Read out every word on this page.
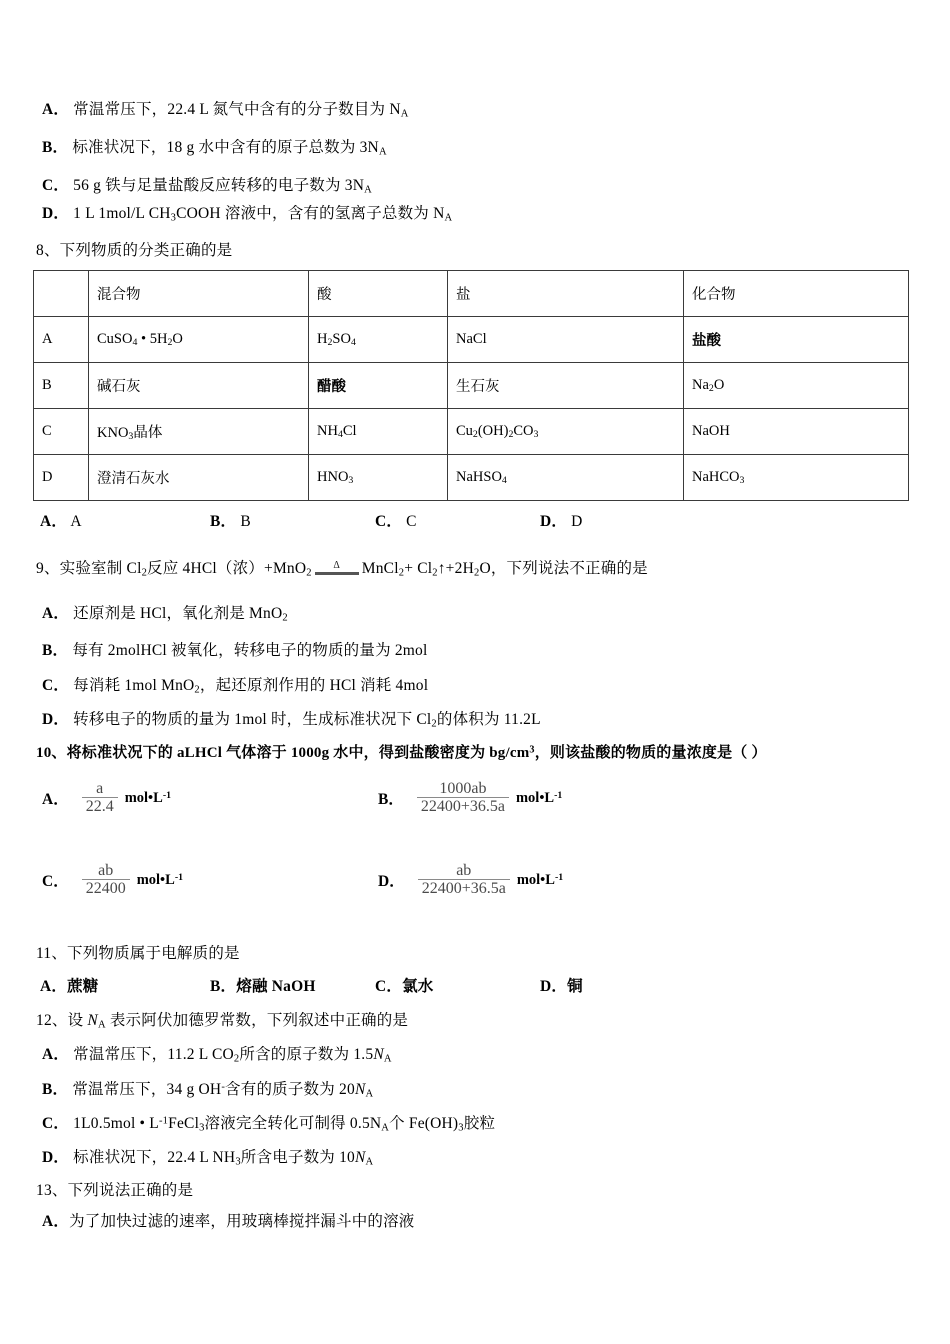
A． 常温常压下，22.4 L 氮气中含有的分子数目为 $N_A$
B． 标准状况下，18 g 水中含有的原子总数为 $3N_A$
C． 56 g 铁与足量盐酸反应转移的电子数为 $3N_A$
D． 1 L 1mol/L $CH_3COOH$ 溶液中，含有的氢离子总数为 $N_A$
8、下列物质的分类正确的是
	混合物	酸	盐	化合物
A	CuSO$_4$ • $5H_2O$	$H_2SO_4$	NaCl	盐酸
B	碱石灰	醋酸	生石灰	$Na_2O$
C	$KNO_3$晶体	$NH_4Cl$	$Cu_2(OH)_2CO_3$	NaOH
D	澄清石灰水	$HNO_3$	NaHSO$_4$	NaHCO$_3$
A． A	B． B	C． C	D． D
9、实验室制 $Cl_2$反应 4HCl（浓）+MnO$_2$
Δ MnCl$_2$+ $Cl_2↑+2H_2O$，下列说法不正确的是
A． 还原剂是 HCl，氧化剂是 MnO$_2$
B． 每有 2molHCl 被氧化，转移电子的物质的量为 2mol
C． 每消耗 1mol MnO$_2$，起还原剂作用的 HCl 消耗 4mol
D． 转移电子的物质的量为 1mol 时，生成标准状况下 $Cl_2$的体积为 11.2L
10、将标准状况下的 aLHCl 气体溶于 1000g 水中，得到盐酸密度为 $bg/cm^3$，则该盐酸的物质的量浓度是（ ）
A． $\frac{a}{22.4}$ $mol•L^{-1}$	B． $\frac{1000ab}{22400+36.5a}$ $mol•L^{-1}$
C． $\frac{ab}{22400}$ $mol•L^{-1}$	D． $\frac{ab}{22400+36.5a}$ $mol•L^{-1}$
11、下列物质属于电解质的是
A．蔗糖	B．熔融 NaOH	C．氯水	D．铜
12、设 $N_A$ 表示阿伏加德罗常数，下列叙述中正确的是
A． 常温常压下，11.2 L $CO_2$所含的原子数为 $1.5N_A$
B． 常温常压下，34 g OH-含有的质子数为 $20N_A$
C． 1L0.5mol • $L^{-1}FeCl_3$溶液完全转化可制得 $0.5N_A$个 $Fe(OH)_3$胶粒
D． 标准状况下，22.4 L $NH_3$所含电子数为 $10N_A$
13、下列说法正确的是
A．为了加快过滤的速率，用玻璃棒搅拌漏斗中的溶液
